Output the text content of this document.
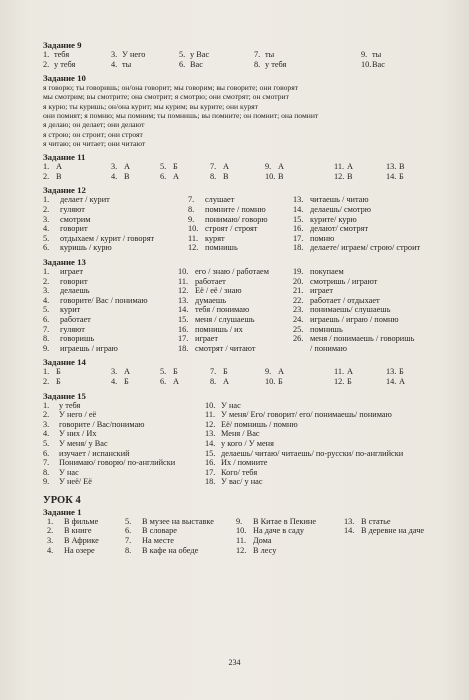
Задание 9
1. тебя	3. У него	5. у Вас	7. ты	9. ты
2. у тебя	4. ты	6. Вас	8. у тебя	10.Вас
Задание 10

я говорю; ты говоришь; он/она говорит; мы говорим; вы говорите; они говорят

мы смотрим; вы смотрите; она смотрит; я смотрю; они смотрят; он смотрит

я курю; ты куришь; он/она курит; мы курим; вы курите; они курят

они помнят; я помню; мы помним; ты помнишь; вы помните; он помнит; она помнит

я делаю; он делает; они делают

я строю; он строит; они строят

я читаю; он читает; они читают

Задание 11
1. А	3. А	5. Б	7. А	9. А	11. А	13. В
2. В	4. В	6. А	8. В	10. В	12. В	14. Б
Задание 12
1. делает / курит	7. слушает	13. читаешь / читаю
2. гуляют	8. помните / помню	14. делаешь/ смотрю
3. смотрим	9. понимаю/ говорю	15. курите/ курю
4. говорит	10. строят / строят	16. делают/ смотрят
5. отдыхаем / курит / говорят	11. курят	17. помню
6. куришь / курю	12. помнишь	18. делаете/ играем/ строю/ строит
Задание 13
1. играет	10. его / знаю / работаем	19. покупаем
2. говорит	11. работает	20. смотришь / играют
3. делаешь	12. Её / её / знаю	21. играет
4. говорите/ Вас / понимаю	13. думаешь	22. работает / отдыхает
5. курит	14. тебя / понимаю	23. понимаешь/ слушаешь
6. работает	15. меня / слушаешь	24. играешь / играю / помню
7. гуляют	16. помнишь / их	25. помнишь
8. говоришь	17. играет	26. меня / понимаешь / говоришь
9. играешь / играю	18. смотрят / читают	/ понимаю
Задание 14
1. Б	3. А	5. Б	7. Б	9. А	11. А	13. Б
2. Б	4. Б	6. А	8. А	10. Б	12. Б	14. А
Задание 15
1. у тебя	10. У нас
2. У него / её	11. У меня/ Его/ говорит/ его/ понимаешь/ понимаю
3. говорите / Вас/понимаю	12. Её/ помнишь / помню
4. У них / Их	13. Меня / Вас
5. У меня/ у Вас	14. у кого / У меня
6. изучает / испанский	15. делаешь/ читаю/ читаешь/ по-русски/ по-английски
7. Понимаю/ говорю/ по-английски	16. Их / помните
8. У нас	17. Кого/ тебя
9. У неё/ Её	18. У вас/ у нас
УРОК 4
Задание 1
1. В фильме	5. В музее на выставке	9. В Китае в Пекине	13. В статье
2. В книге	6. В словаре	10. На даче в саду	14. В деревне на даче
3. В Африке	7. На месте	11. Дома
4. На озере	8. В кафе на обеде	12. В лесу
234
